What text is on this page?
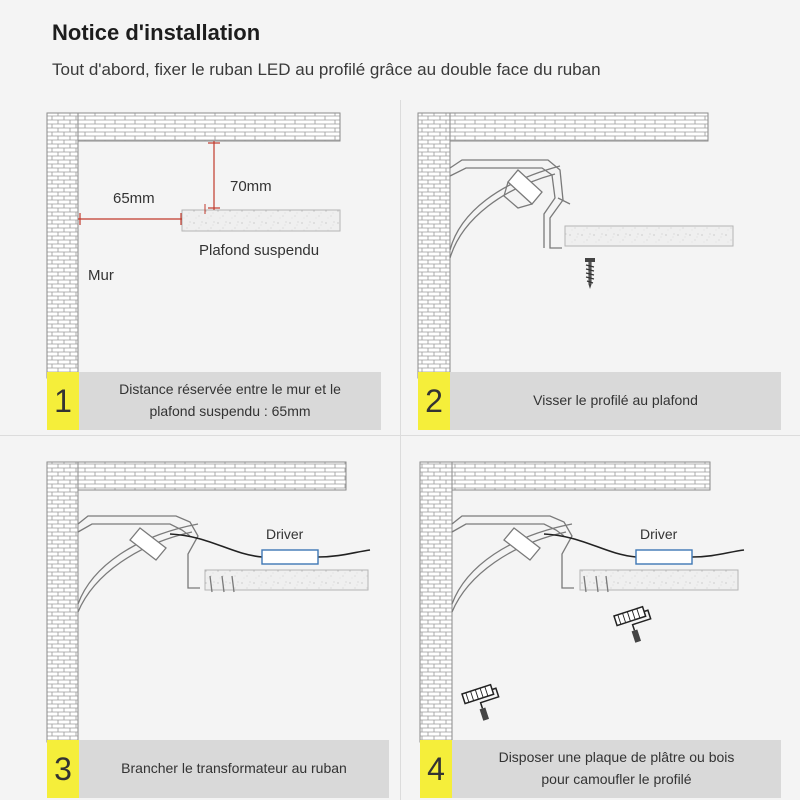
Notice d'installation
Tout d'abord, fixer le ruban LED au profilé grâce au double face du ruban
65mm
70mm
Plafond suspendu
Mur
1	Distance réservée entre le mur et le
plafond suspendu : 65mm	2	Visser le profilé au plafond
Driver
3	Brancher le transformateur au ruban
Driver
4	Disposer une plaque de plâtre ou bois
pour camoufler le profilé
